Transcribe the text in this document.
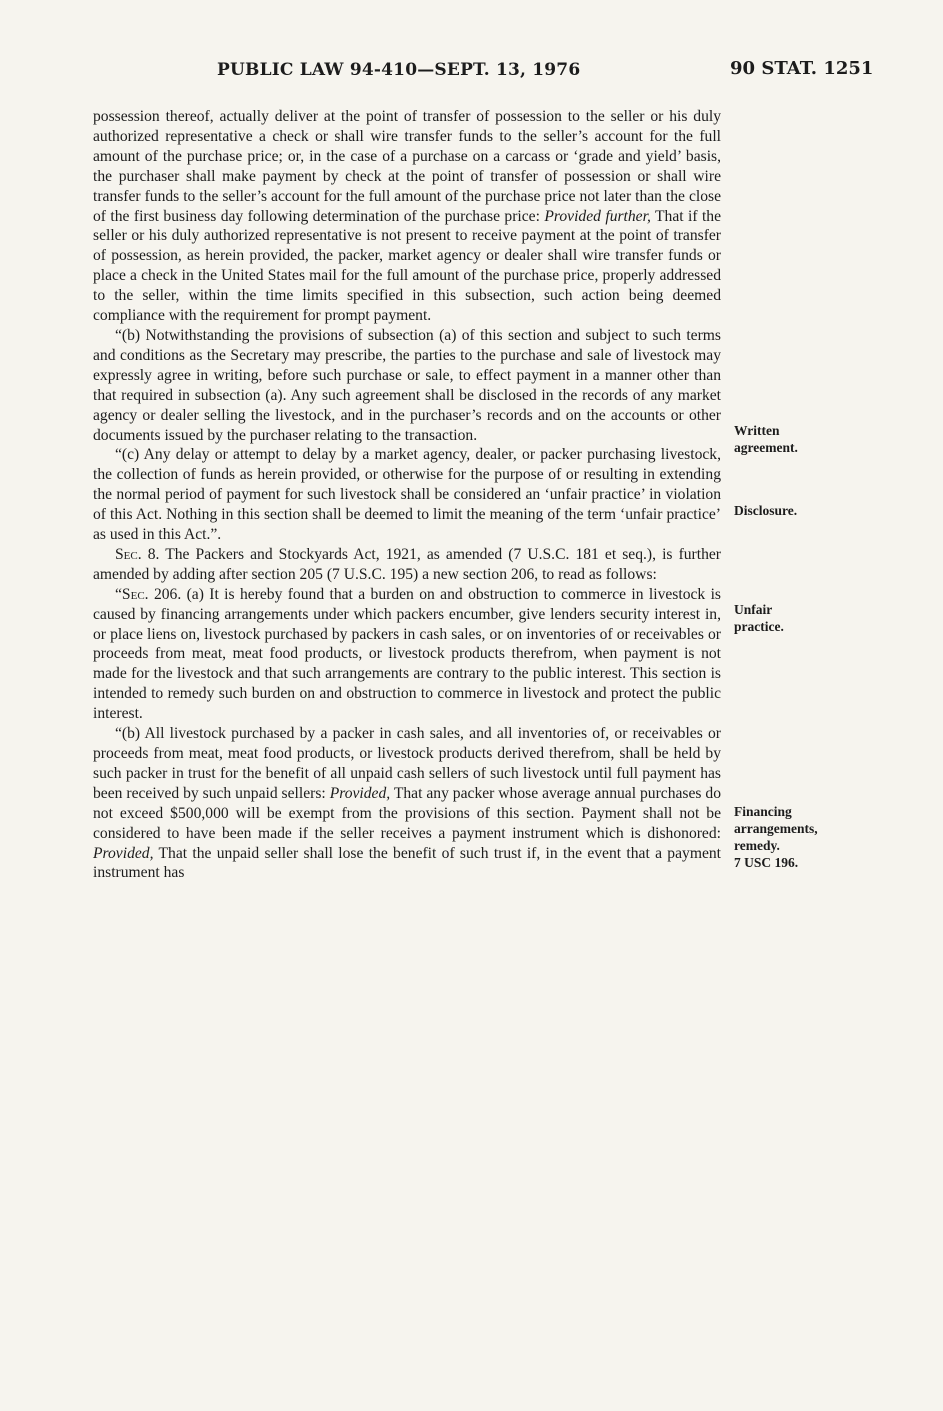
PUBLIC LAW 94-410—SEPT. 13, 1976	90 STAT. 1251

possession thereof, actually deliver at the point of transfer of possession to the seller or his duly authorized representative a check or shall wire transfer funds to the seller’s account for the full amount of the purchase price; or, in the case of a purchase on a carcass or ‘grade and yield’ basis, the purchaser shall make payment by check at the point of transfer of possession or shall wire transfer funds to the seller’s account for the full amount of the purchase price not later than the close of the first business day following determination of the purchase price: Provided further, That if the seller or his duly authorized representative is not present to receive payment at the point of transfer of possession, as herein provided, the packer, market agency or dealer shall wire transfer funds or place a check in the United States mail for the full amount of the purchase price, properly addressed to the seller, within the time limits specified in this subsection, such action being deemed compliance with the requirement for prompt payment.

“(b) Notwithstanding the provisions of subsection (a) of this section and subject to such terms and conditions as the Secretary may prescribe, the parties to the purchase and sale of livestock may expressly agree in writing, before such purchase or sale, to effect payment in a manner other than that required in subsection (a). Any such agreement shall be disclosed in the records of any market agency or dealer selling the livestock, and in the purchaser’s records and on the accounts or other documents issued by the purchaser relating to the transaction.

“(c) Any delay or attempt to delay by a market agency, dealer, or packer purchasing livestock, the collection of funds as herein provided, or otherwise for the purpose of or resulting in extending the normal period of payment for such livestock shall be considered an ‘unfair practice’ in violation of this Act. Nothing in this section shall be deemed to limit the meaning of the term ‘unfair practice’ as used in this Act.”.

Sec. 8. The Packers and Stockyards Act, 1921, as amended (7 U.S.C. 181 et seq.), is further amended by adding after section 205 (7 U.S.C. 195) a new section 206, to read as follows:

“Sec. 206. (a) It is hereby found that a burden on and obstruction to commerce in livestock is caused by financing arrangements under which packers encumber, give lenders security interest in, or place liens on, livestock purchased by packers in cash sales, or on inventories of or receivables or proceeds from meat, meat food products, or livestock products therefrom, when payment is not made for the livestock and that such arrangements are contrary to the public interest. This section is intended to remedy such burden on and obstruction to commerce in livestock and protect the public interest.

“(b) All livestock purchased by a packer in cash sales, and all inventories of, or receivables or proceeds from meat, meat food products, or livestock products derived therefrom, shall be held by such packer in trust for the benefit of all unpaid cash sellers of such livestock until full payment has been received by such unpaid sellers: Provided, That any packer whose average annual purchases do not exceed $500,000 will be exempt from the provisions of this section. Payment shall not be considered to have been made if the seller receives a payment instrument which is dishonored: Provided, That the unpaid seller shall lose the benefit of such trust if, in the event that a payment instrument has

Written
agreement.
Disclosure.
Unfair
practice.
Financing
arrangements,
remedy.
7 USC 196.
